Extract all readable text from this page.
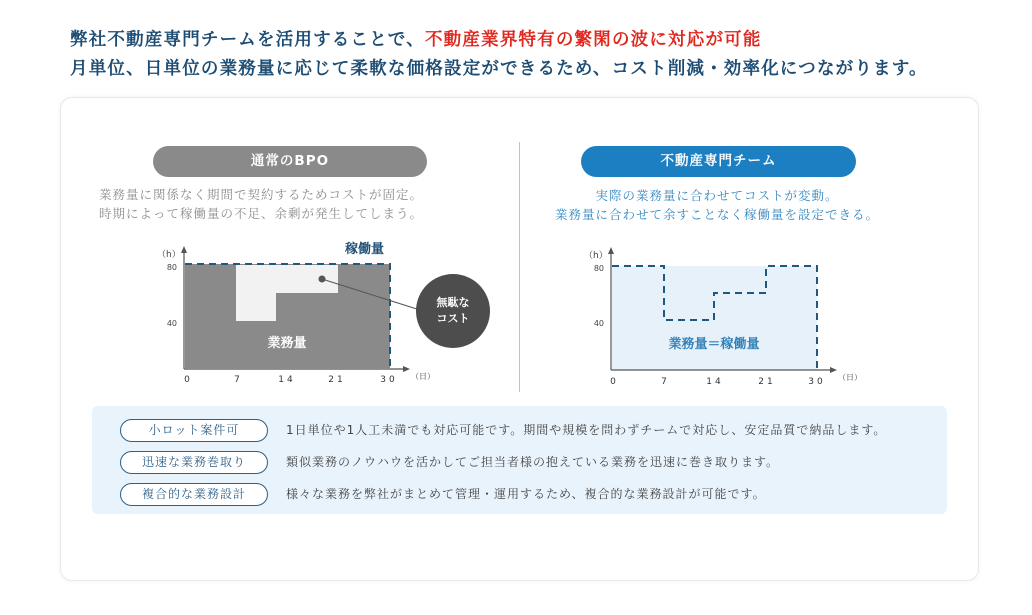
弊社不動産専門チームを活用することで、不動産業界特有の繁閑の波に対応が可能
月単位、日単位の業務量に応じて柔軟な価格設定ができるため、コスト削減・効率化につながります。
通常のBPO	不動産専門チーム
業務量に関係なく期間で契約するためコストが固定。
時期によって稼働量の不足、余剰が発生してしまう。
実際の業務量に合わせてコストが変動。
業務量に合わせて余すことなく稼働量を設定できる。
（h）
80
40
0	7	14	21	30 （日）
稼働量
業務量
無駄な
コスト
（h）
80
40
0	7	14	21	30 （日）
業務量＝稼働量
小ロット案件可	1日単位や1人工未満でも対応可能です。期間や規模を問わずチームで対応し、安定品質で納品します。
迅速な業務巻取り	類似業務のノウハウを活かしてご担当者様の抱えている業務を迅速に巻き取ります。
複合的な業務設計	様々な業務を弊社がまとめて管理・運用するため、複合的な業務設計が可能です。
